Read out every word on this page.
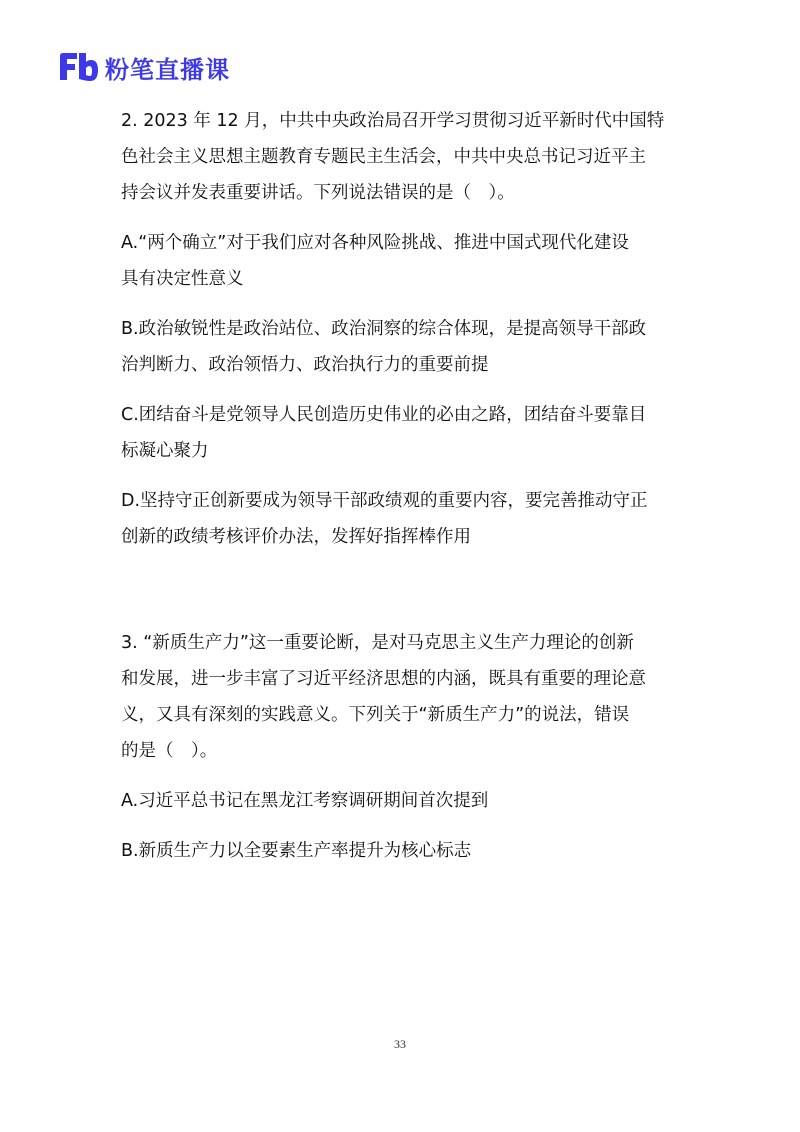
粉笔直播课

2. 2023 年 12 月，中共中央政治局召开学习贯彻习近平新时代中国特

色社会主义思想主题教育专题民主生活会，中共中央总书记习近平主

持会议并发表重要讲话。下列说法错误的是（　）。

A.“两个确立”对于我们应对各种风险挑战、推进中国式现代化建设

具有决定性意义

B.政治敏锐性是政治站位、政治洞察的综合体现，是提高领导干部政

治判断力、政治领悟力、政治执行力的重要前提

C.团结奋斗是党领导人民创造历史伟业的必由之路，团结奋斗要靠目

标凝心聚力

D.坚持守正创新要成为领导干部政绩观的重要内容，要完善推动守正

创新的政绩考核评价办法，发挥好指挥棒作用

3. “新质生产力”这一重要论断，是对马克思主义生产力理论的创新

和发展，进一步丰富了习近平经济思想的内涵，既具有重要的理论意

义，又具有深刻的实践意义。下列关于“新质生产力”的说法，错误

的是（　）。

A.习近平总书记在黑龙江考察调研期间首次提到

B.新质生产力以全要素生产率提升为核心标志

33
